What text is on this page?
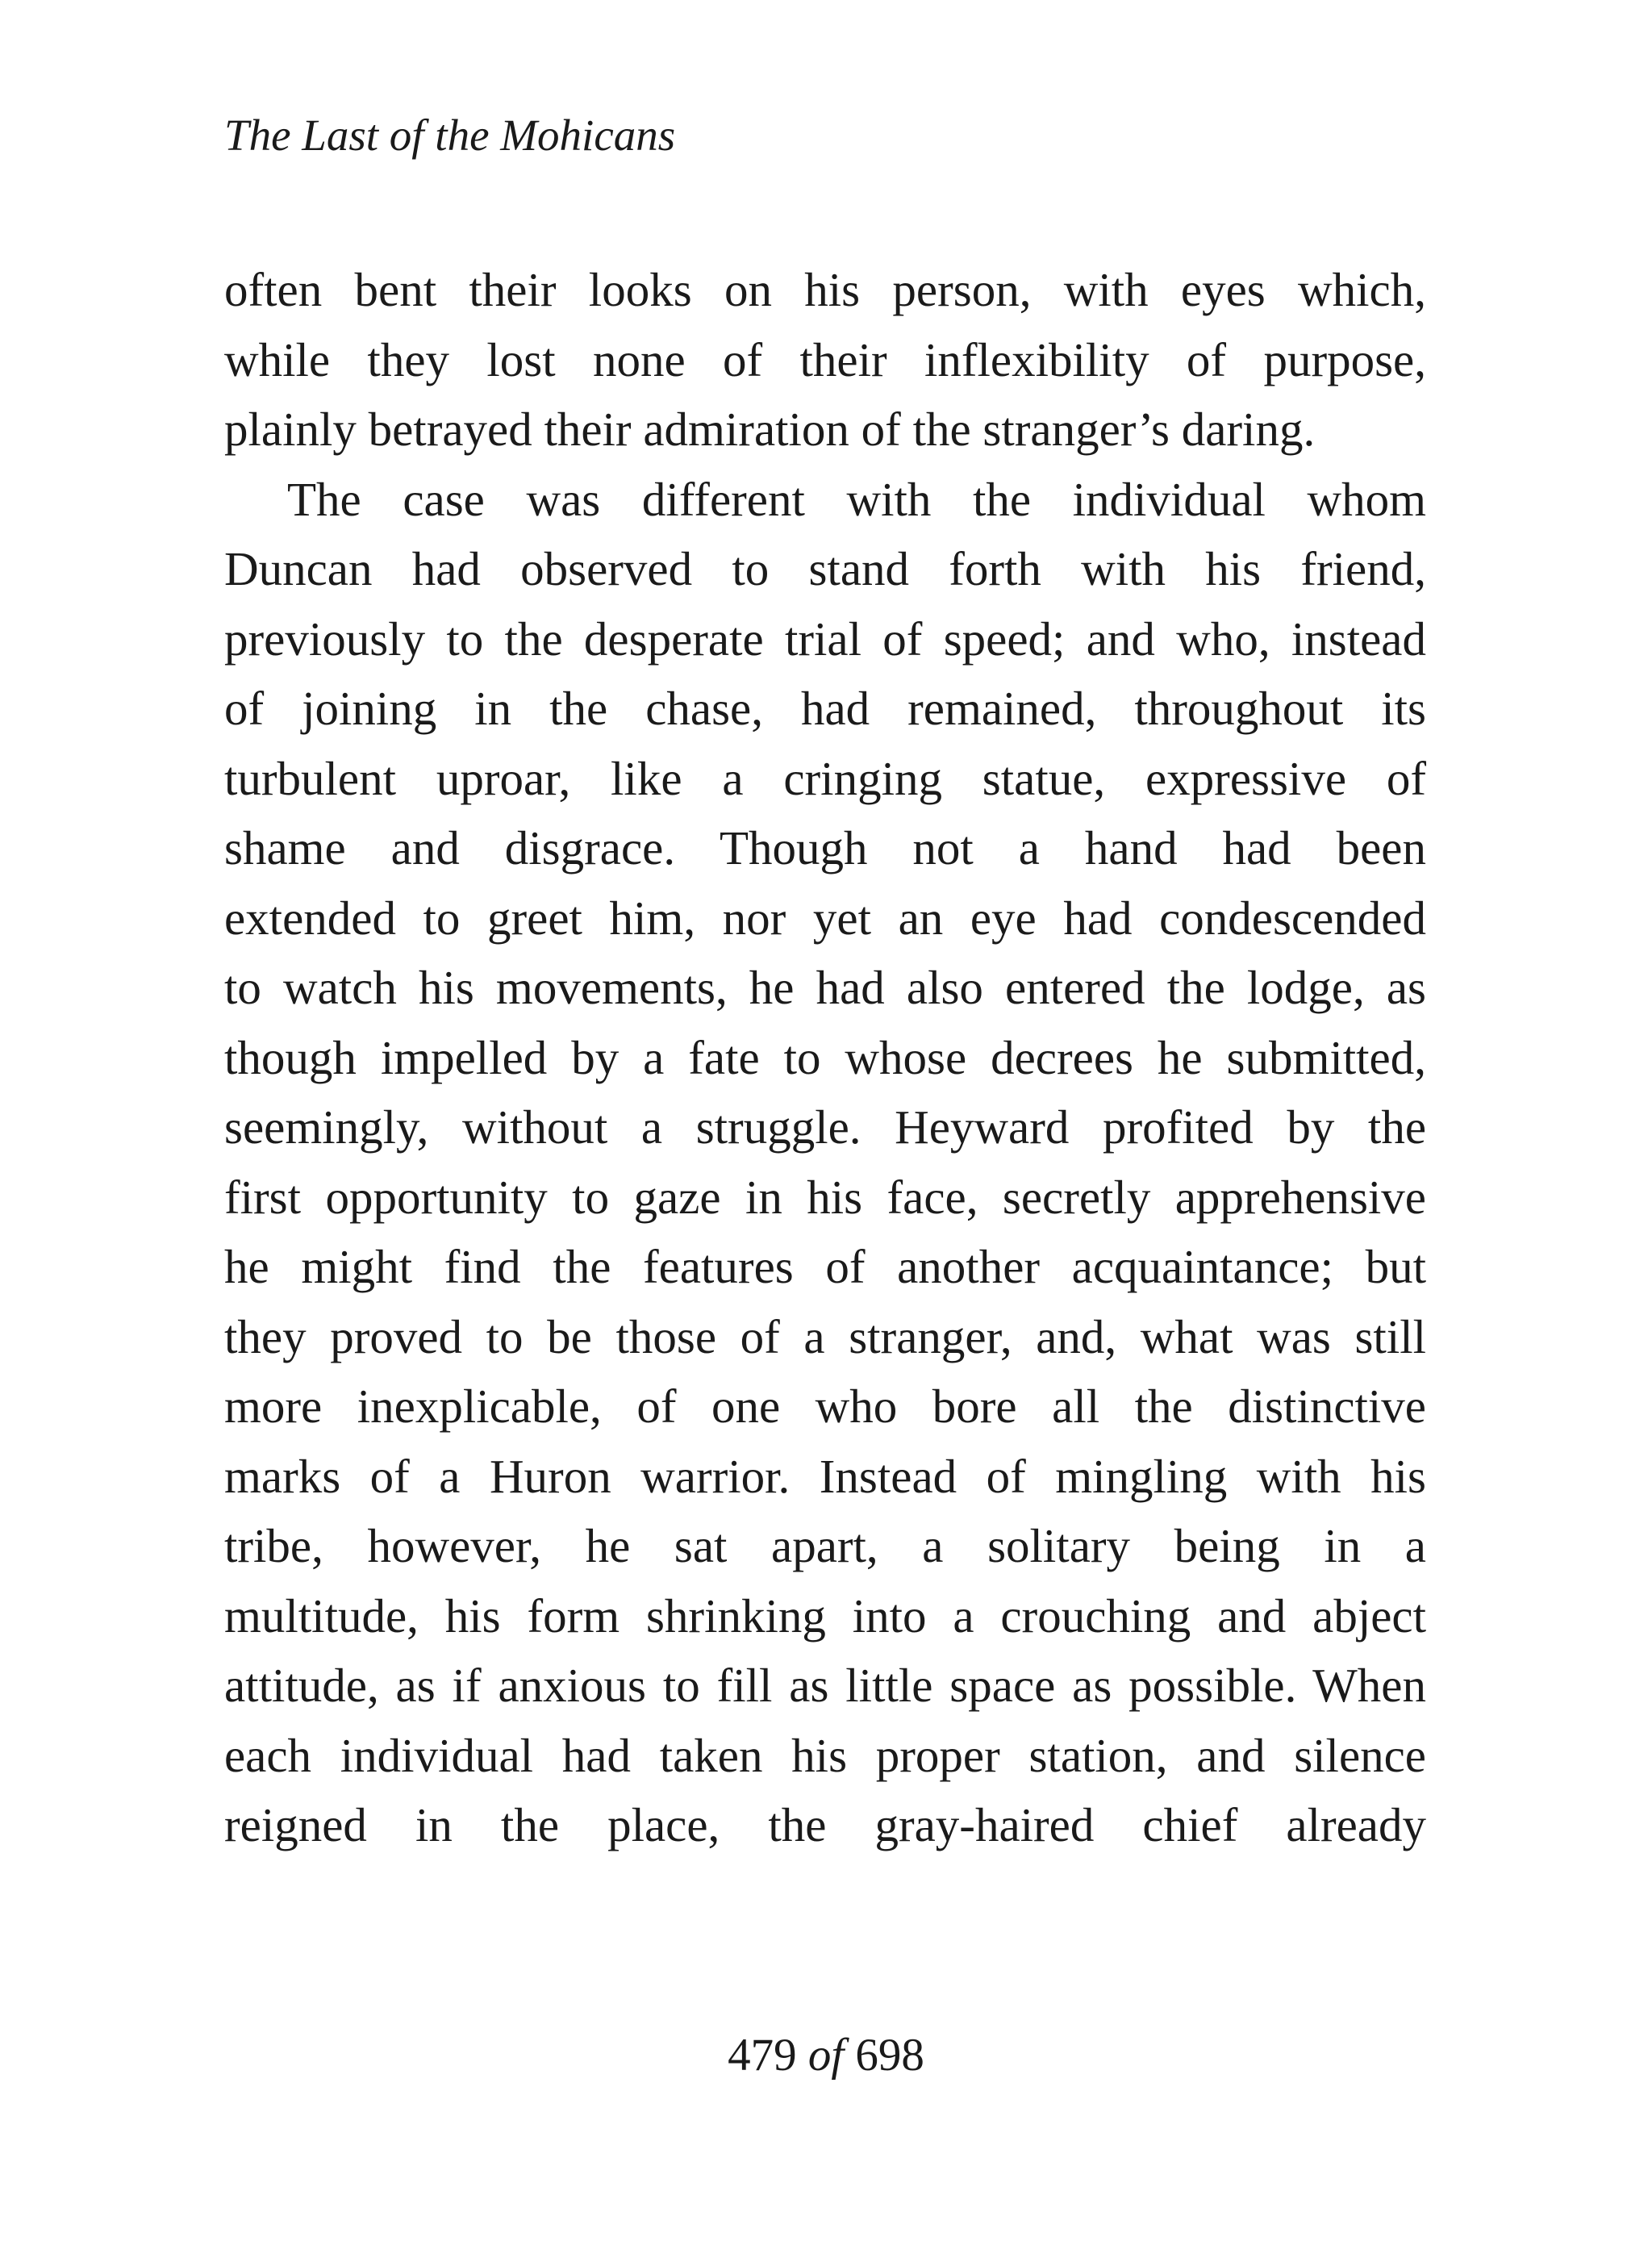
The Last of the Mohicans
often bent their looks on his person, with eyes which,
while they lost none of their inflexibility of purpose,
plainly betrayed their admiration of the stranger’s daring.
The case was different with the individual whom
Duncan had observed to stand forth with his friend,
previously to the desperate trial of speed; and who, instead
of joining in the chase, had remained, throughout its
turbulent uproar, like a cringing statue, expressive of
shame and disgrace. Though not a hand had been
extended to greet him, nor yet an eye had condescended
to watch his movements, he had also entered the lodge, as
though impelled by a fate to whose decrees he submitted,
seemingly, without a struggle. Heyward profited by the
first opportunity to gaze in his face, secretly apprehensive
he might find the features of another acquaintance; but
they proved to be those of a stranger, and, what was still
more inexplicable, of one who bore all the distinctive
marks of a Huron warrior. Instead of mingling with his
tribe, however, he sat apart, a solitary being in a
multitude, his form shrinking into a crouching and abject
attitude, as if anxious to fill as little space as possible. When
each individual had taken his proper station, and silence
reigned in the place, the gray-haired chief already
479 of 698
